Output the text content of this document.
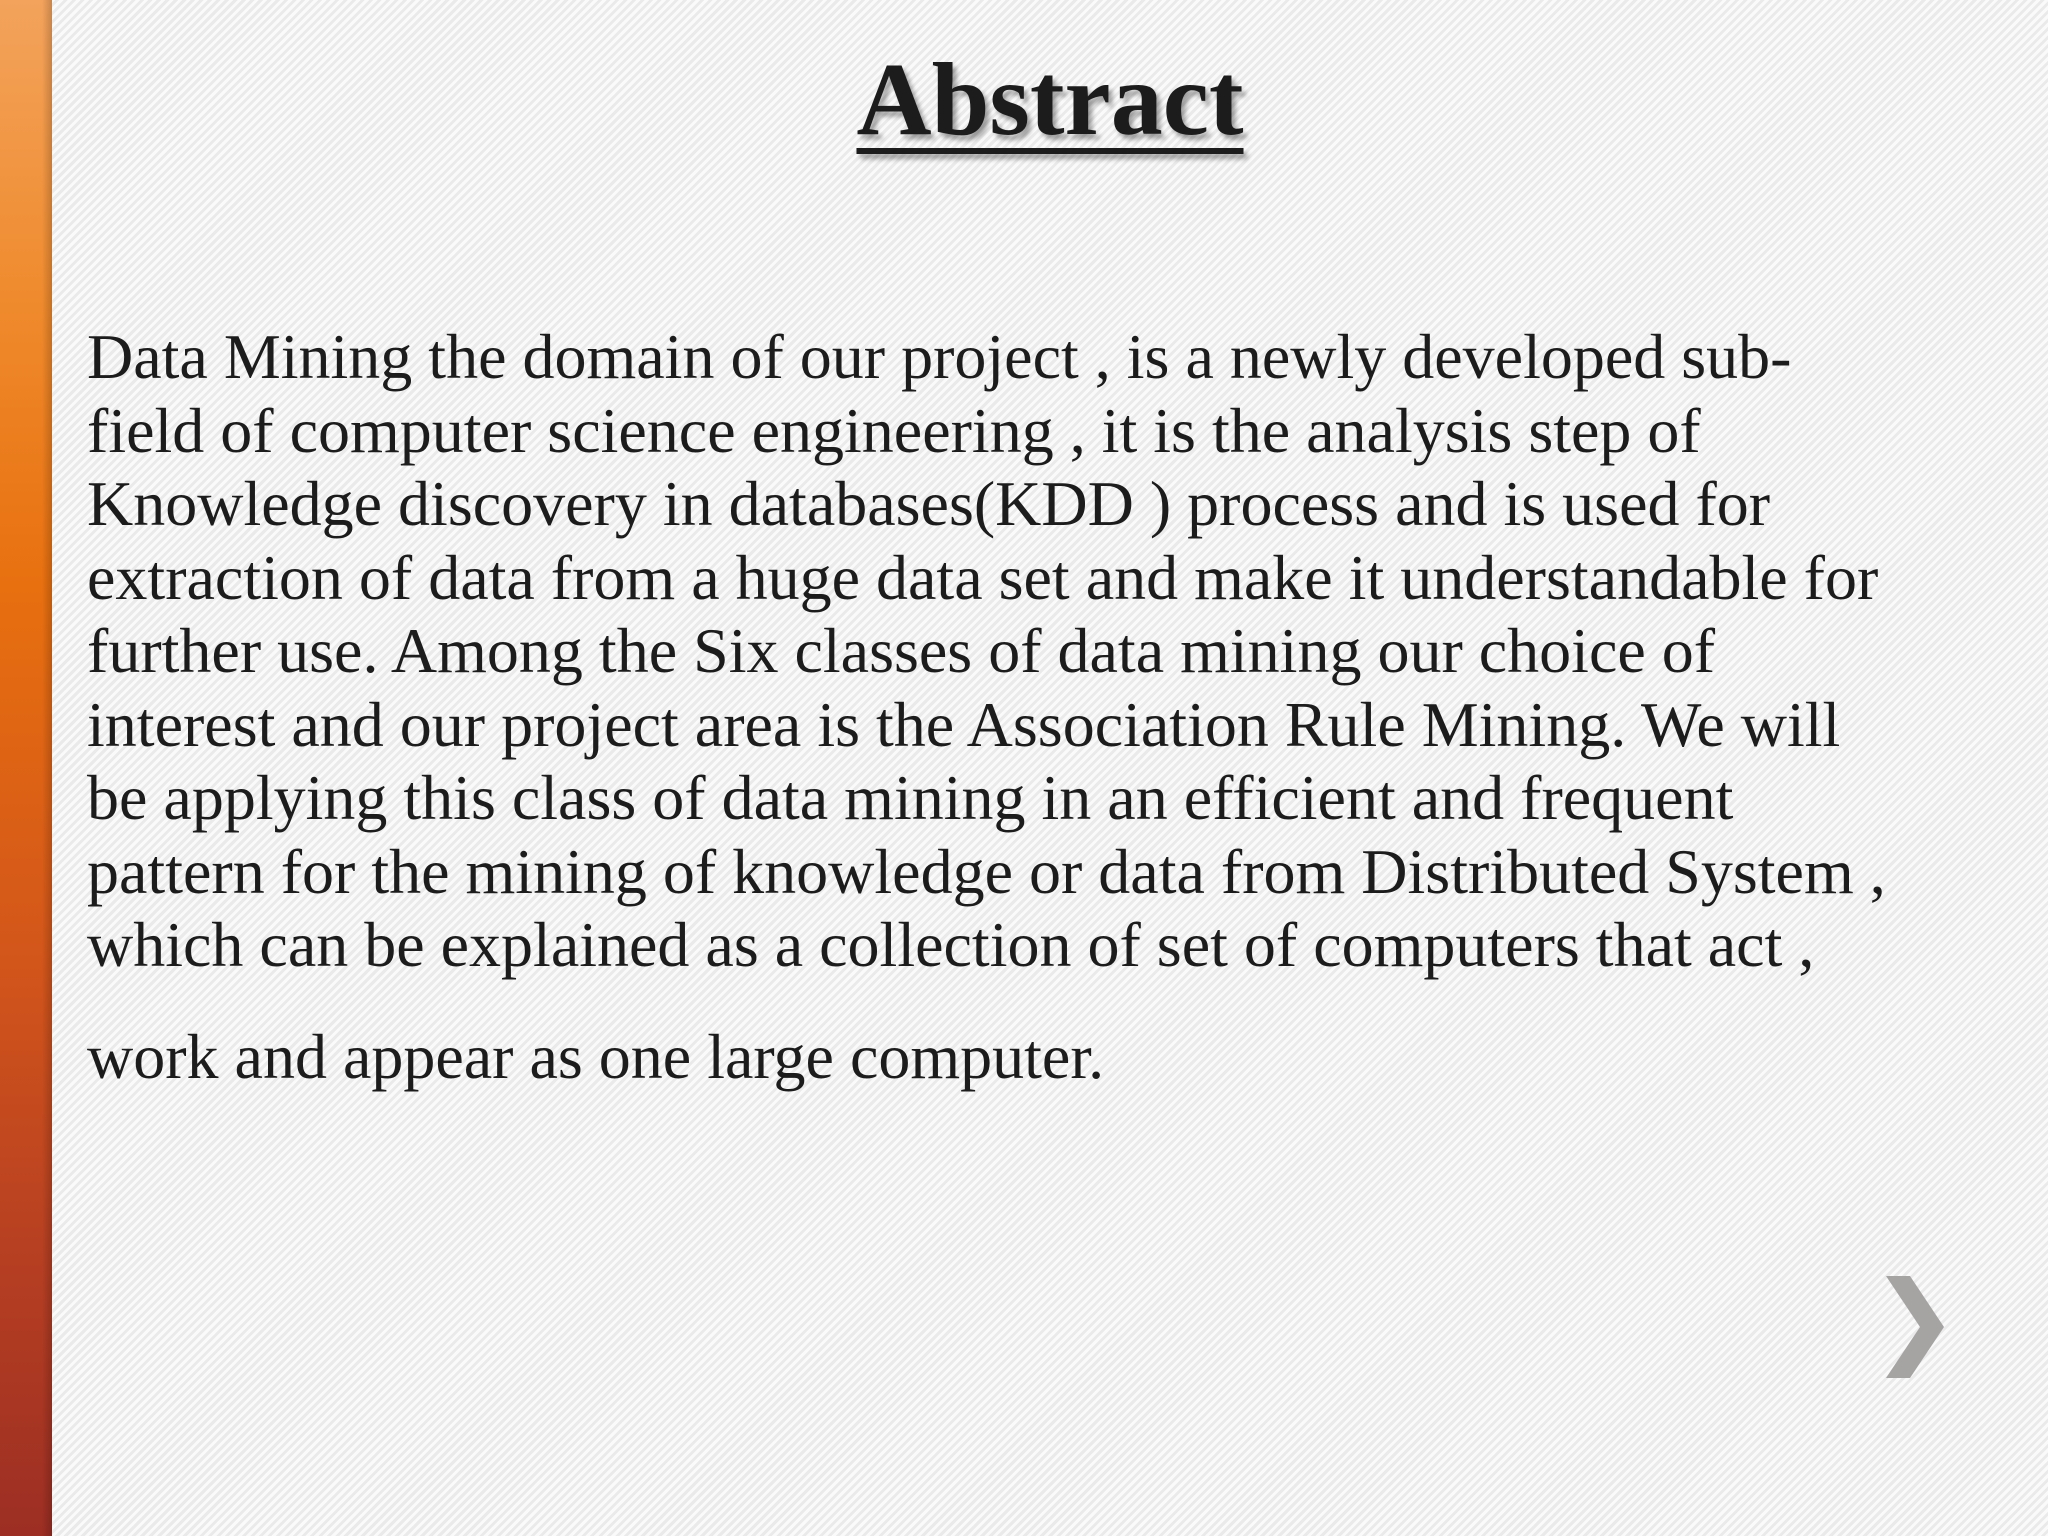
Abstract
Data Mining the domain of our project , is a newly developed sub-
field of computer science engineering , it is the analysis step of
Knowledge discovery in databases(KDD ) process and is used for
extraction of data from a huge data set and make it understandable for
further use. Among the Six classes of data mining our choice of
interest and our project area is the Association Rule Mining. We will
be applying this class of data mining in an efficient and frequent
pattern for the mining of knowledge or data from Distributed System ,
which can be explained as a collection of set of computers that act ,
work and appear as one large computer.
